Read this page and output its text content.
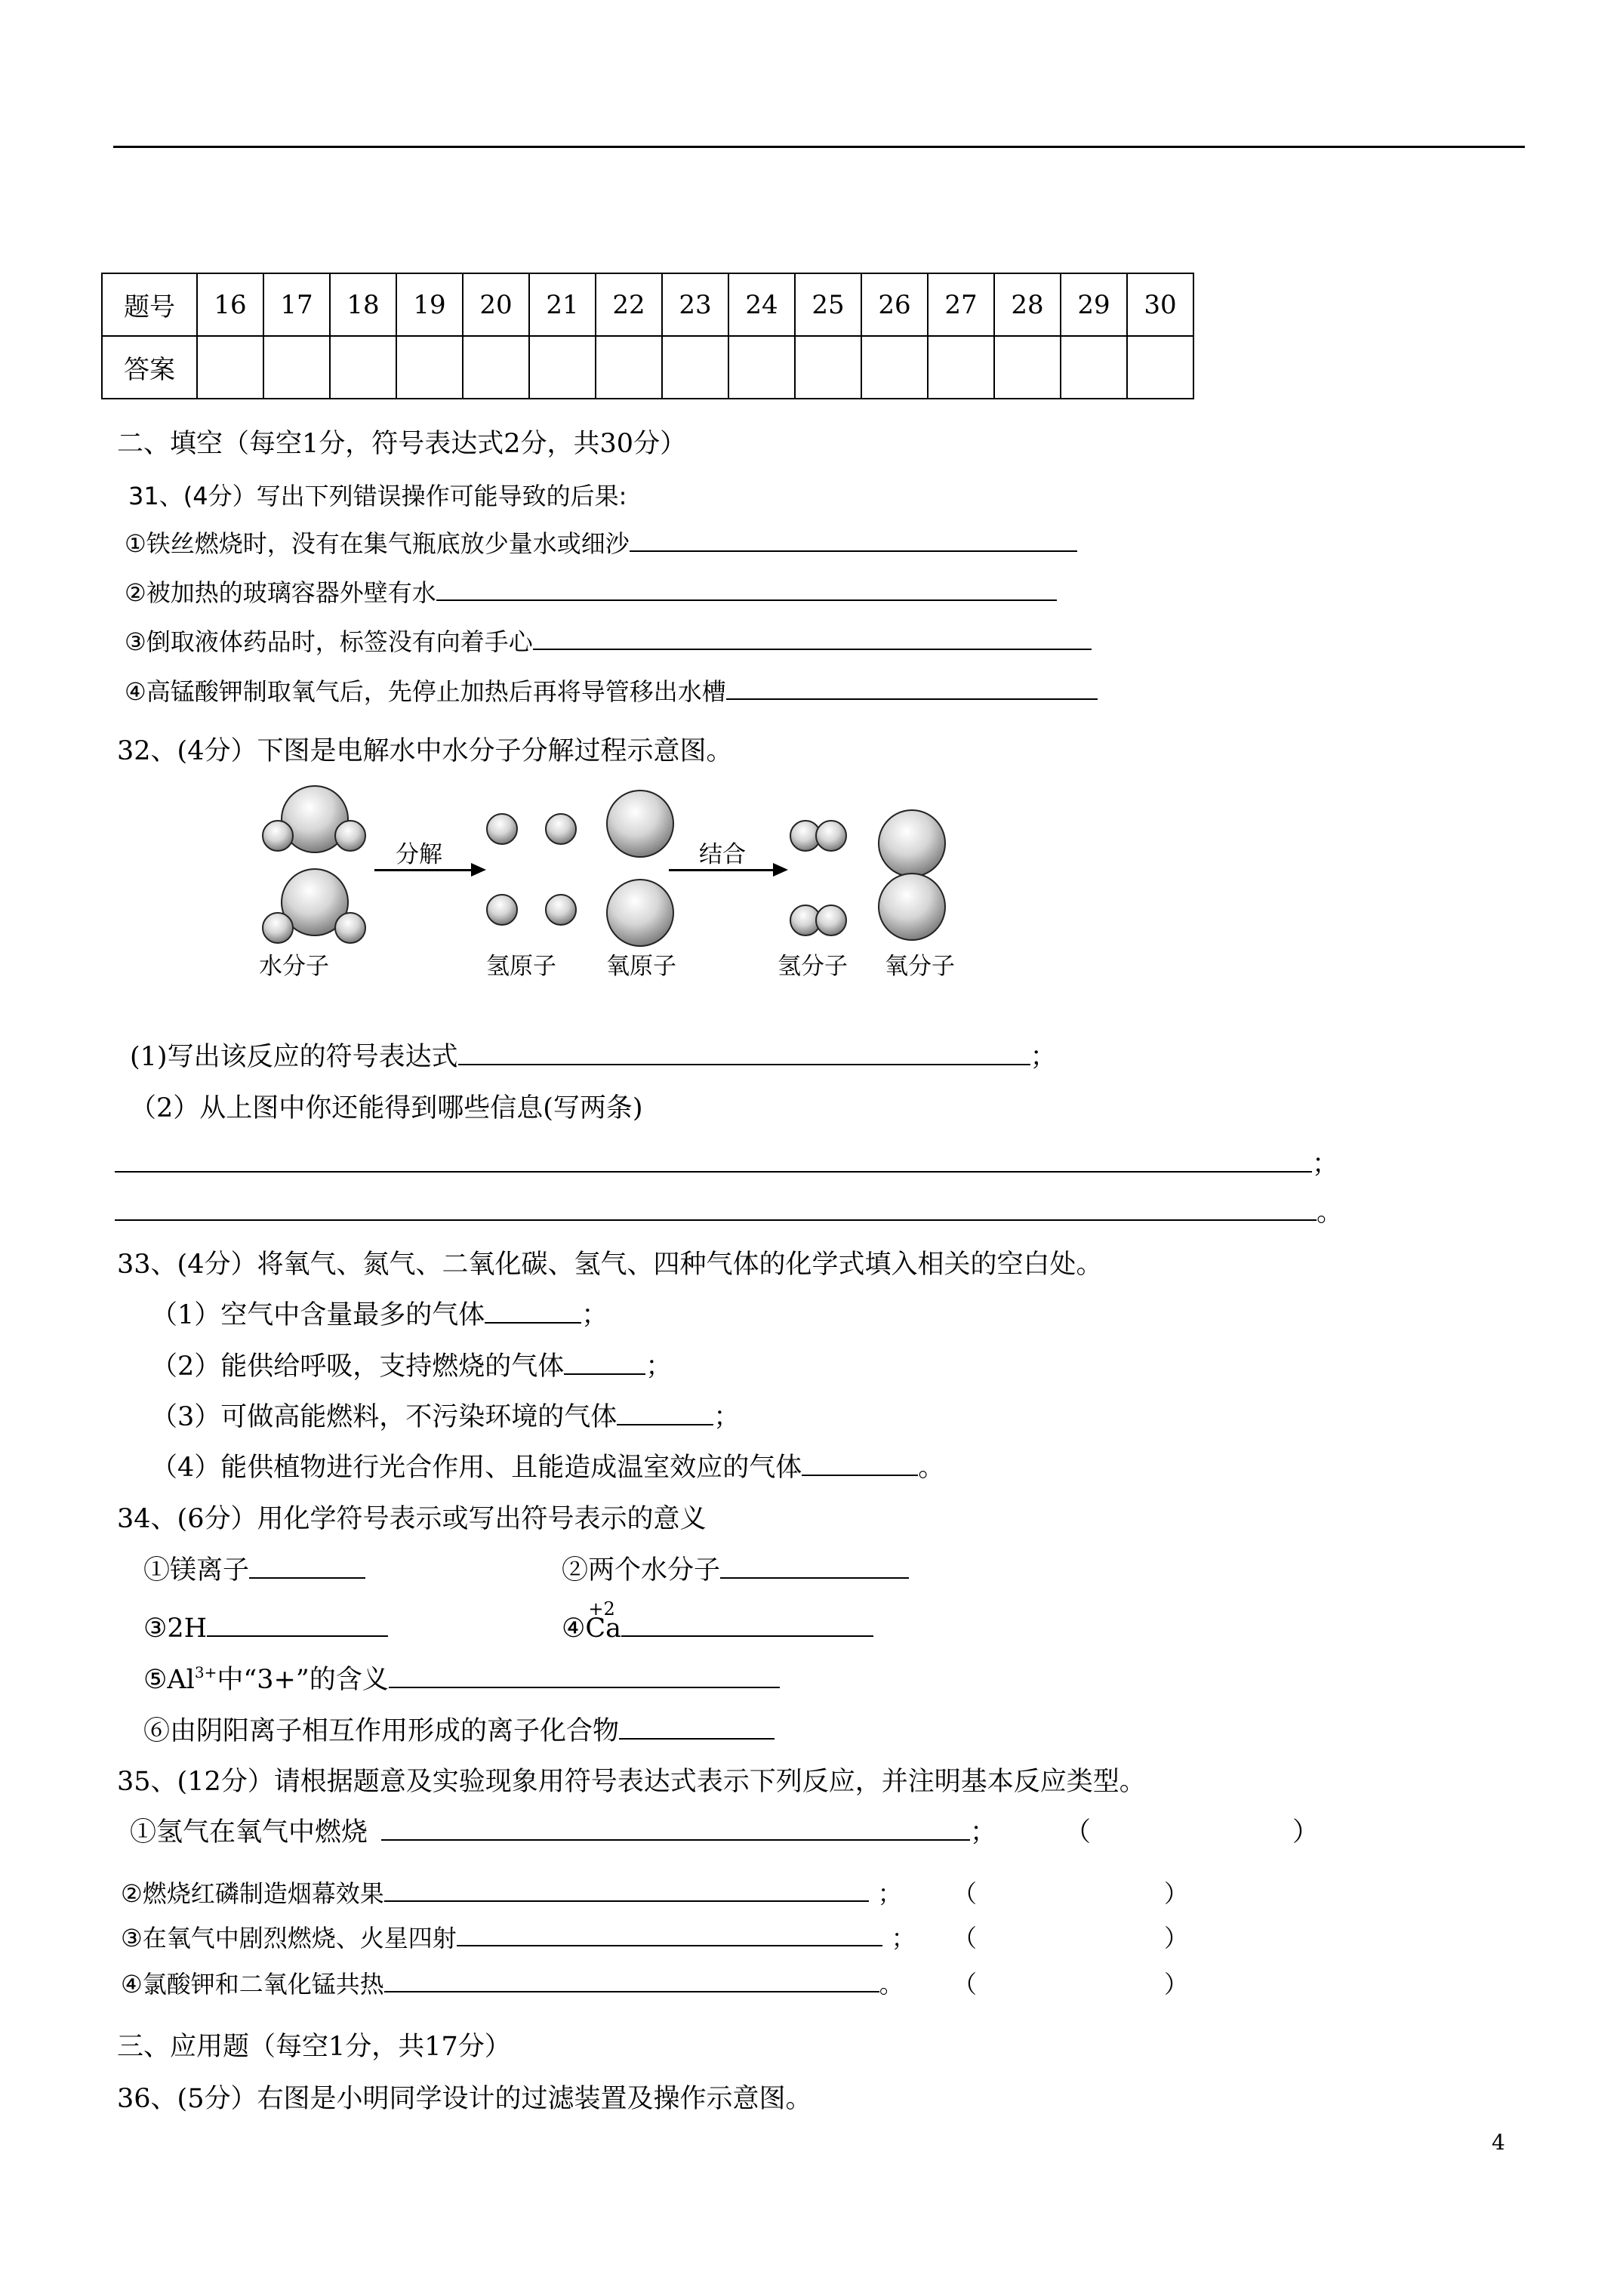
题号	16	17	18	19	20	21	22	23	24	25	26	27	28	29	30
答案															
二、填空（每空1分，符号表达式2分，共30分）
31、(4分）写出下列错误操作可能导致的后果:
①铁丝燃烧时，没有在集气瓶底放少量水或细沙
②被加热的玻璃容器外壁有水
③倒取液体药品时，标签没有向着手心
④高锰酸钾制取氧气后，先停止加热后再将导管移出水槽
32、(4分）下图是电解水中水分子分解过程示意图。
水分子
分解
氢原子 氧原子
结合
氢分子 氧分子
(1)写出该反应的符号表达式	；
（2）从上图中你还能得到哪些信息(写两条)
；
。
33、(4分）将氧气、氮气、二氧化碳、氢气、四种气体的化学式填入相关的空白处。
（1）空气中含量最多的气体	；
（2）能供给呼吸，支持燃烧的气体	；
（3）可做高能燃料，不污染环境的气体	；
（4）能供植物进行光合作用、且能造成温室效应的气体	。
34、(6分）用化学符号表示或写出符号表示的意义
①镁离子	②两个水分子
③2H	④
+2
Ca
$⑤Al^{3+}$中“3+”的含义
⑥由阴阳离子相互作用形成的离子化合物
35、(12分）请根据题意及实验现象用符号表达式表示下列反应，并注明基本反应类型。
①氢气在氧气中燃烧	；	（	）
②燃烧红磷制造烟幕效果	； （	）
③在氧气中剧烈燃烧、火星四射	； （	）
④氯酸钾和二氧化锰共热	。 （	）
三、应用题（每空1分，共17分）
36、(5分）右图是小明同学设计的过滤装置及操作示意图。
4
